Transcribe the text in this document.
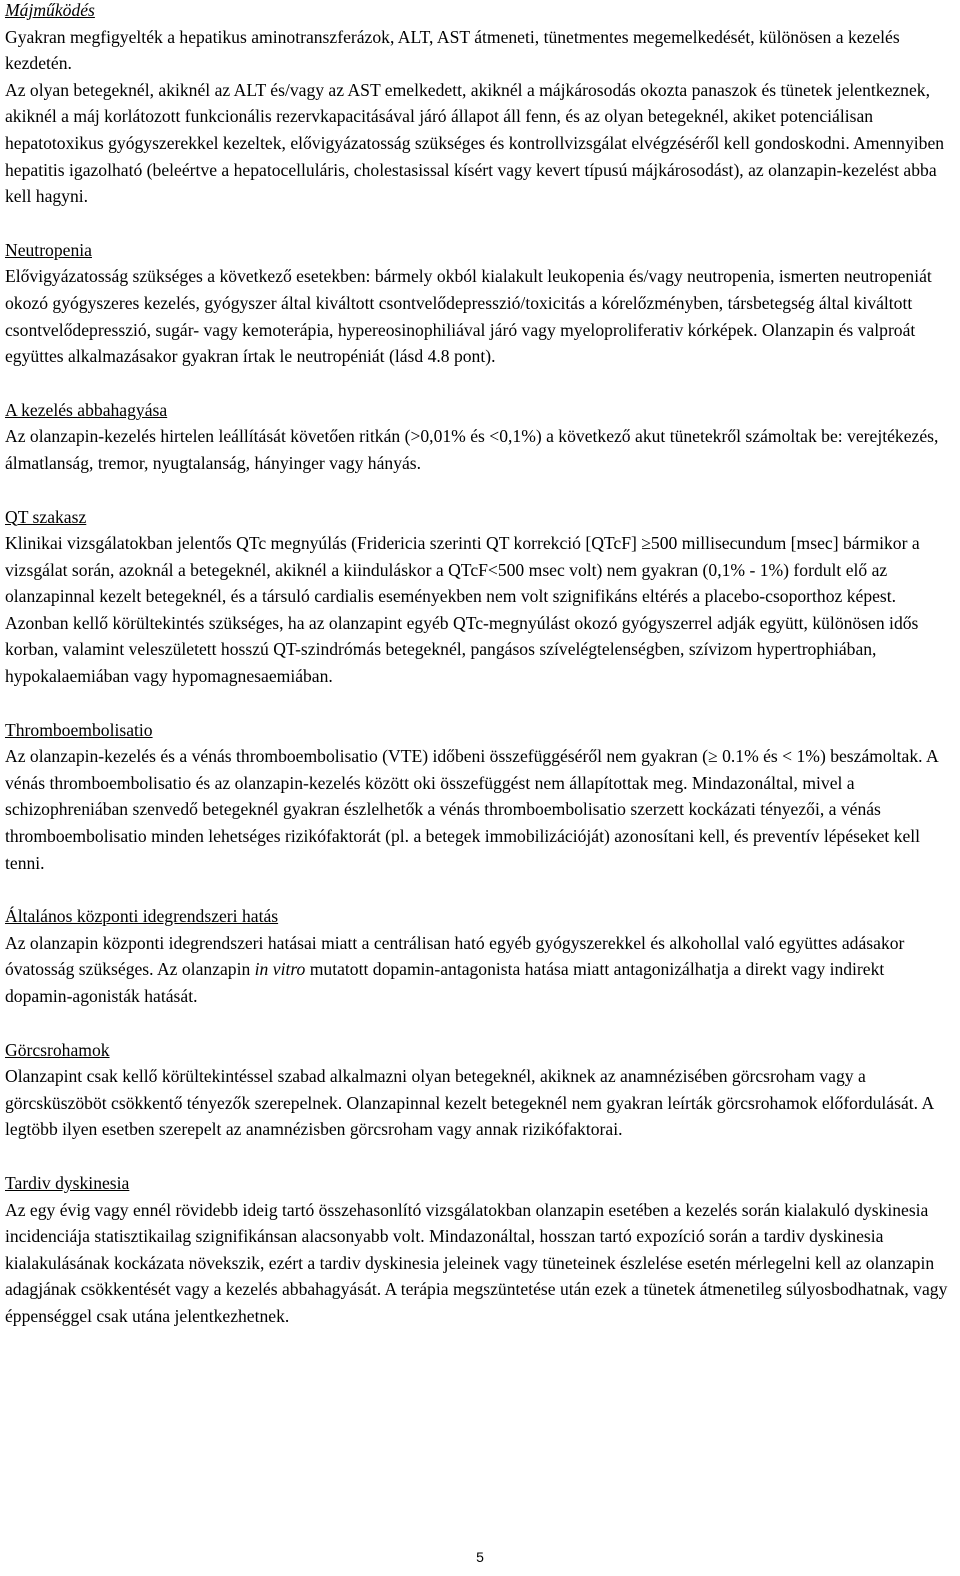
Májműködés
Gyakran megfigyelték a hepatikus aminotranszferázok, ALT, AST átmeneti, tünetmentes megemelkedését, különösen a kezelés kezdetén.
Az olyan betegeknél, akiknél az ALT és/vagy az AST emelkedett, akiknél a májkárosodás okozta panaszok és tünetek jelentkeznek, akiknél a máj korlátozott funkcionális rezervkapacitásával járó állapot áll fenn, és az olyan betegeknél, akiket potenciálisan hepatotoxikus gyógyszerekkel kezeltek, elővigyázatosság szükséges és kontrollvizsgálat elvégzéséről kell gondoskodni. Amennyiben hepatitis igazolható (beleértve a hepatocelluláris, cholestasissal kísért vagy kevert típusú májkárosodást), az olanzapin-kezelést abba kell hagyni.
Neutropenia
Elővigyázatosság szükséges a következő esetekben: bármely okból kialakult leukopenia és/vagy neutropenia, ismerten neutropeniát okozó gyógyszeres kezelés, gyógyszer által kiváltott csontvelődepresszió/toxicitás a kórelőzményben, társbetegség által kiváltott csontvelődepresszió, sugár- vagy kemoterápia, hypereosinophiliával járó vagy myeloproliferativ kórképek. Olanzapin és valproát együttes alkalmazásakor gyakran írtak le neutropéniát (lásd 4.8 pont).
A kezelés abbahagyása
Az olanzapin-kezelés hirtelen leállítását követően ritkán (>0,01% és <0,1%) a következő akut tünetekről számoltak be: verejtékezés, álmatlanság, tremor, nyugtalanság, hányinger vagy hányás.
QT szakasz
Klinikai vizsgálatokban jelentős QTc megnyúlás (Fridericia szerinti QT korrekció [QTcF] ≥500 millisecundum [msec] bármikor a vizsgálat során, azoknál a betegeknél, akiknél a kiinduláskor a QTcF<500 msec volt) nem gyakran (0,1% - 1%) fordult elő az olanzapinnal kezelt betegeknél, és a társuló cardialis eseményekben nem volt szignifikáns eltérés a placebo-csoporthoz képest. Azonban kellő körültekintés szükséges, ha az olanzapint egyéb QTc-megnyúlást okozó gyógyszerrel adják együtt, különösen idős korban, valamint veleszületett hosszú QT-szindrómás betegeknél, pangásos szívelégtelenségben, szívizom hypertrophiában, hypokalaemiában vagy hypomagnesaemiában.
Thromboembolisatio
Az olanzapin-kezelés és a vénás thromboembolisatio (VTE) időbeni összefüggéséről nem gyakran (≥ 0.1% és < 1%) beszámoltak. A vénás thromboembolisatio és az olanzapin-kezelés között oki összefüggést nem állapítottak meg. Mindazonáltal, mivel a schizophreniában szenvedő betegeknél gyakran észlelhetők a vénás thromboembolisatio szerzett kockázati tényezői, a vénás thromboembolisatio minden lehetséges rizikófaktorát (pl. a betegek immobilizációját) azonosítani kell, és preventív lépéseket kell tenni.
Általános központi idegrendszeri hatás
Az olanzapin központi idegrendszeri hatásai miatt a centrálisan ható egyéb gyógyszerekkel és alkohollal való együttes adásakor óvatosság szükséges. Az olanzapin in vitro mutatott dopamin-antagonista hatása miatt antagonizálhatja a direkt vagy indirekt dopamin-agonisták hatását.
Görcsrohamok
Olanzapint csak kellő körültekintéssel szabad alkalmazni olyan betegeknél, akiknek az anamnézisében görcsroham vagy a görcsküszöböt csökkentő tényezők szerepelnek. Olanzapinnal kezelt betegeknél nem gyakran leírták görcsrohamok előfordulását. A legtöbb ilyen esetben szerepelt az anamnézisben görcsroham vagy annak rizikófaktorai.
Tardiv dyskinesia
Az egy évig vagy ennél rövidebb ideig tartó összehasonlító vizsgálatokban olanzapin esetében a kezelés során kialakuló dyskinesia incidenciája statisztikailag szignifikánsan alacsonyabb volt. Mindazonáltal, hosszan tartó expozíció során a tardiv dyskinesia kialakulásának kockázata növekszik, ezért a tardiv dyskinesia jeleinek vagy tüneteinek észlelése esetén mérlegelni kell az olanzapin adagjának csökkentését vagy a kezelés abbahagyását. A terápia megszüntetése után ezek a tünetek átmenetileg súlyosbodhatnak, vagy éppenséggel csak utána jelentkezhetnek.
5
